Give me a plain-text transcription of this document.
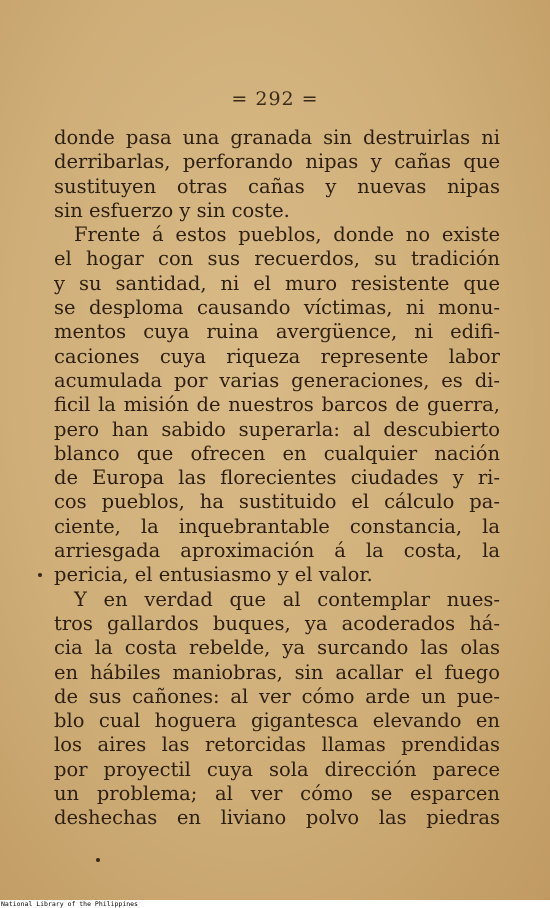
= 292 =
donde pasa una granada sin destruirlas ni
derribarlas, perforando nipas y cañas que
sustituyen otras cañas y nuevas nipas
sin esfuerzo y sin coste.
Frente á estos pueblos, donde no existe
el hogar con sus recuerdos, su tradición
y su santidad, ni el muro resistente que
se desploma causando víctimas, ni monu-
mentos cuya ruina avergüence, ni edifi-
caciones cuya riqueza represente labor
acumulada por varias generaciones, es di-
ficil la misión de nuestros barcos de guerra,
pero han sabido superarla: al descubierto
blanco que ofrecen en cualquier nación
de Europa las florecientes ciudades y ri-
cos pueblos, ha sustituido el cálculo pa-
ciente, la inquebrantable constancia, la
arriesgada aproximación á la costa, la
pericia, el entusiasmo y el valor.
Y en verdad que al contemplar nues-
tros gallardos buques, ya acoderados há-
cia la costa rebelde, ya surcando las olas
en hábiles maniobras, sin acallar el fuego
de sus cañones: al ver cómo arde un pue-
blo cual hoguera gigantesca elevando en
los aires las retorcidas llamas prendidas
por proyectil cuya sola dirección parece
un problema; al ver cómo se esparcen
deshechas en liviano polvo las piedras
National Library of the Philippines
